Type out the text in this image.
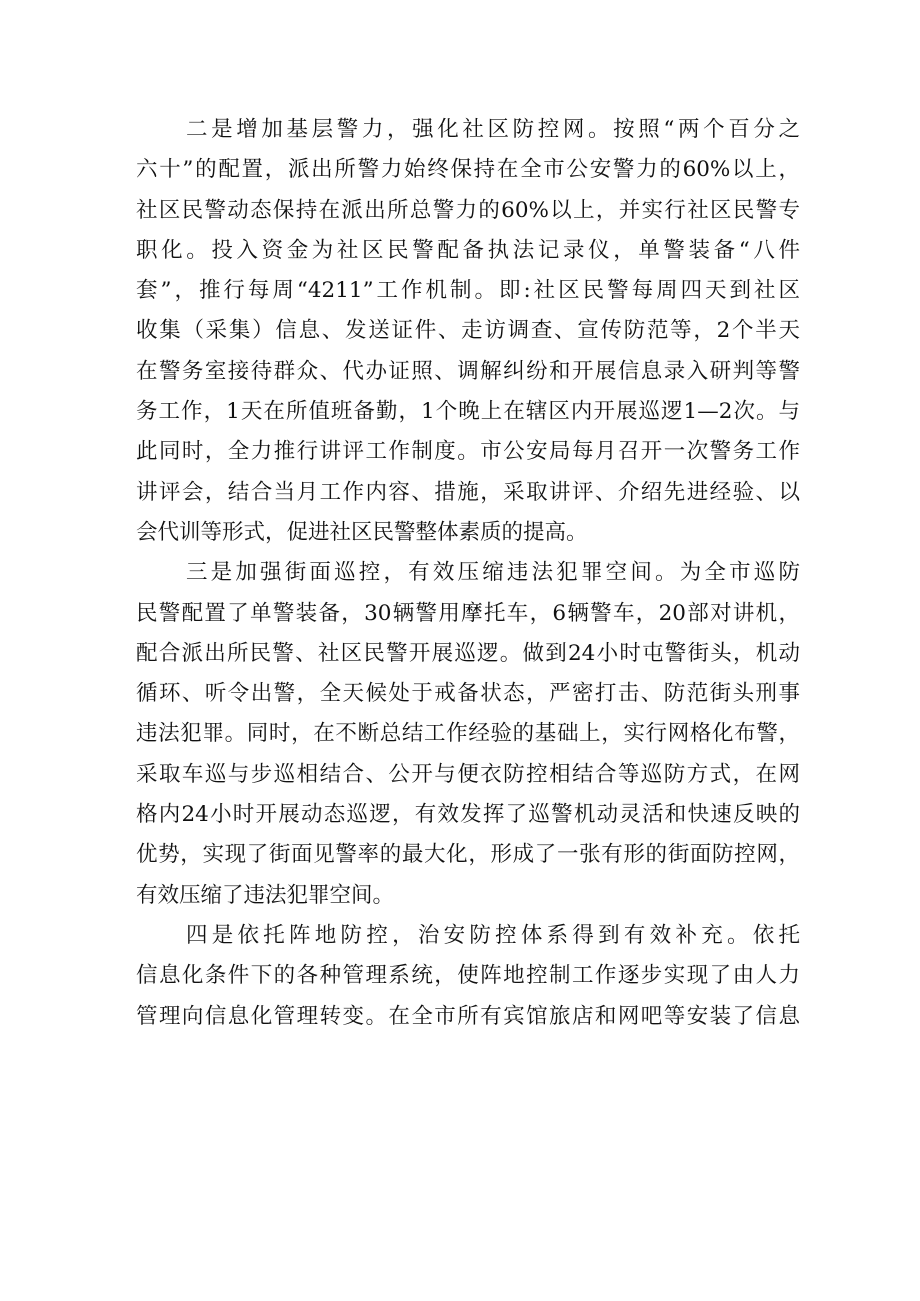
二是增加基层警力，强化社区防控网。按照“两个百分之
六十”的配置，派出所警力始终保持在全市公安警力的60%以上，
社区民警动态保持在派出所总警力的60%以上，并实行社区民警专
职化。投入资金为社区民警配备执法记录仪，单警装备“八件
套”，推行每周“4211”工作机制。即:社区民警每周四天到社区
收集（采集）信息、发送证件、走访调查、宣传防范等，2个半天
在警务室接待群众、代办证照、调解纠纷和开展信息录入研判等警
务工作，1天在所值班备勤，1个晚上在辖区内开展巡逻1—2次。与
此同时，全力推行讲评工作制度。市公安局每月召开一次警务工作
讲评会，结合当月工作内容、措施，采取讲评、介绍先进经验、以
会代训等形式，促进社区民警整体素质的提高。
三是加强街面巡控，有效压缩违法犯罪空间。为全市巡防
民警配置了单警装备，30辆警用摩托车，6辆警车，20部对讲机，
配合派出所民警、社区民警开展巡逻。做到24小时屯警街头，机动
循环、听令出警，全天候处于戒备状态，严密打击、防范街头刑事
违法犯罪。同时，在不断总结工作经验的基础上，实行网格化布警，
采取车巡与步巡相结合、公开与便衣防控相结合等巡防方式，在网
格内24小时开展动态巡逻，有效发挥了巡警机动灵活和快速反映的
优势，实现了街面见警率的最大化，形成了一张有形的街面防控网，
有效压缩了违法犯罪空间。
四是依托阵地防控，治安防控体系得到有效补充。依托
信息化条件下的各种管理系统，使阵地控制工作逐步实现了由人力
管理向信息化管理转变。在全市所有宾馆旅店和网吧等安装了信息
